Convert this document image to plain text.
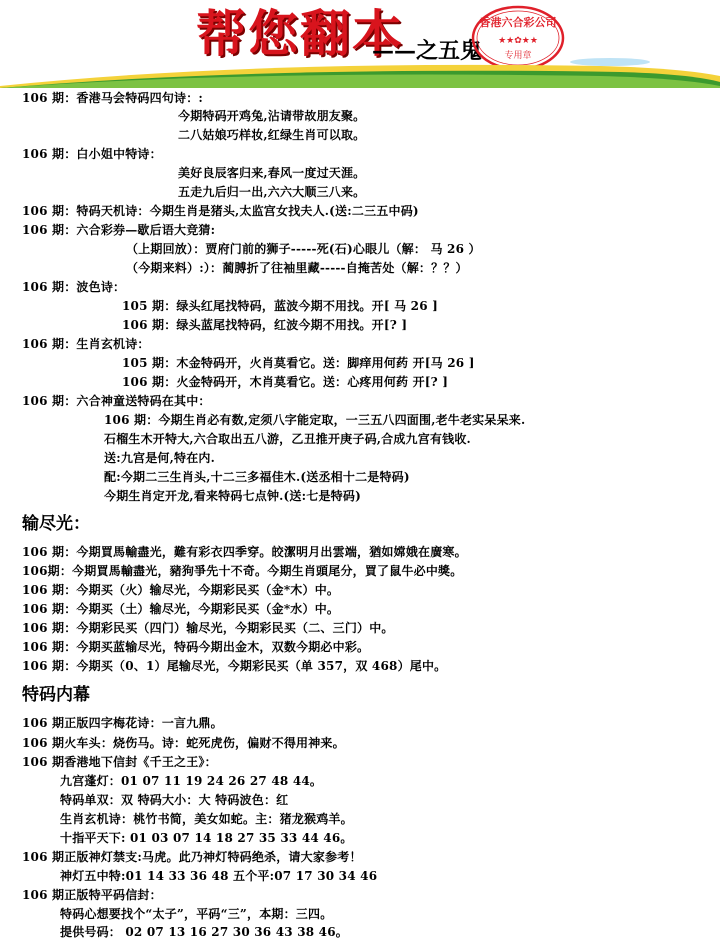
帮您翻本
——之五鬼
香港六合彩公司
★★✿★★
专用章
106 期：香港马会特码四句诗：:
今期特码开鸡兔,沾请带故朋友聚。
二八姑娘巧样妆,红绿生肖可以取。
106 期：白小姐中特诗：
美好良辰客归来,春风一度过天涯。
五走九后归一出,六六大顺三八来。
106 期：特码天机诗：今期生肖是猪头,太监宫女找夫人.(送:二三五中码)
106 期：六合彩券—歇后语大竞猜:
（上期回放）：贾府门前的狮子-----死(石)心眼儿（解： 马 26 ）
（今期来料）:）：蔺膊折了往袖里藏-----自掩苦处（解：？？）
106 期：波色诗：
105 期：绿头红尾找特码，蓝波今期不用找。开[ 马 26 ]
106 期：绿头蓝尾找特码，红波今期不用找。开[? ]
106 期：生肖玄机诗：
105 期：木金特码开，火肖莫看它。送：脚痒用何药 开[马 26 ]
106 期：火金特码开，木肖莫看它。送：心疼用何药 开[? ]
106 期：六合神童送特码在其中：
106 期：今期生肖必有数,定须八字能定取，一三五八四面围,老牛老实呆呆来.
石榴生木开特大,六合取出五八游，乙丑推开庚子码,合成九宫有钱收.
送:九宫是何,特在内.
配:今期二三生肖头,十二三多福佳木.(送丞相十二是特码)
今期生肖定开龙,看来特码七点钟.(送:七是特码)
输尽光：
106 期：今期買馬輸盡光，難有彩衣四季穿。皎潔明月出雲端，猶如嫦娥在廣寒。
106期：今期買馬輸盡光，豬狗爭先十不奇。今期生肖頭尾分，買了鼠牛必中獎。
106 期：今期买（火）输尽光，今期彩民买（金*木）中。
106 期：今期买（土）输尽光，今期彩民买（金*水）中。
106 期：今期彩民买（四门）输尽光，今期彩民买（二、三门）中。
106 期：今期买蓝输尽光，特码今期出金木，双数今期必中彩。
106 期：今期买（0、1）尾输尽光，今期彩民买（单 357，双 468）尾中。
特码内幕
106 期正版四字梅花诗：一言九鼎。
106 期火车头：烧伤马。诗：蛇死虎伤，偏财不得用神来。
106 期香港地下信封《千王之王》：
九宫蓬灯：01 07 11 19 24 26 27 48 44。
特码单双：双 特码大小：大 特码波色：红
生肖玄机诗：桃竹书简，美女如蛇。主：猪龙猴鸡羊。
十指平天下: 01 03 07 14 18 27 35 33 44 46。
106 期正版神灯禁支:马虎。此乃神灯特码绝杀，请大家参考！
神灯五中特:01 14 33 36 48 五个平:07 17 30 34 46
106 期正版特平码信封：
特码心想要找个“太子”，平码“三”，本期：三四。
提供号码： 02 07 13 16 27 30 36 43 38 46。
